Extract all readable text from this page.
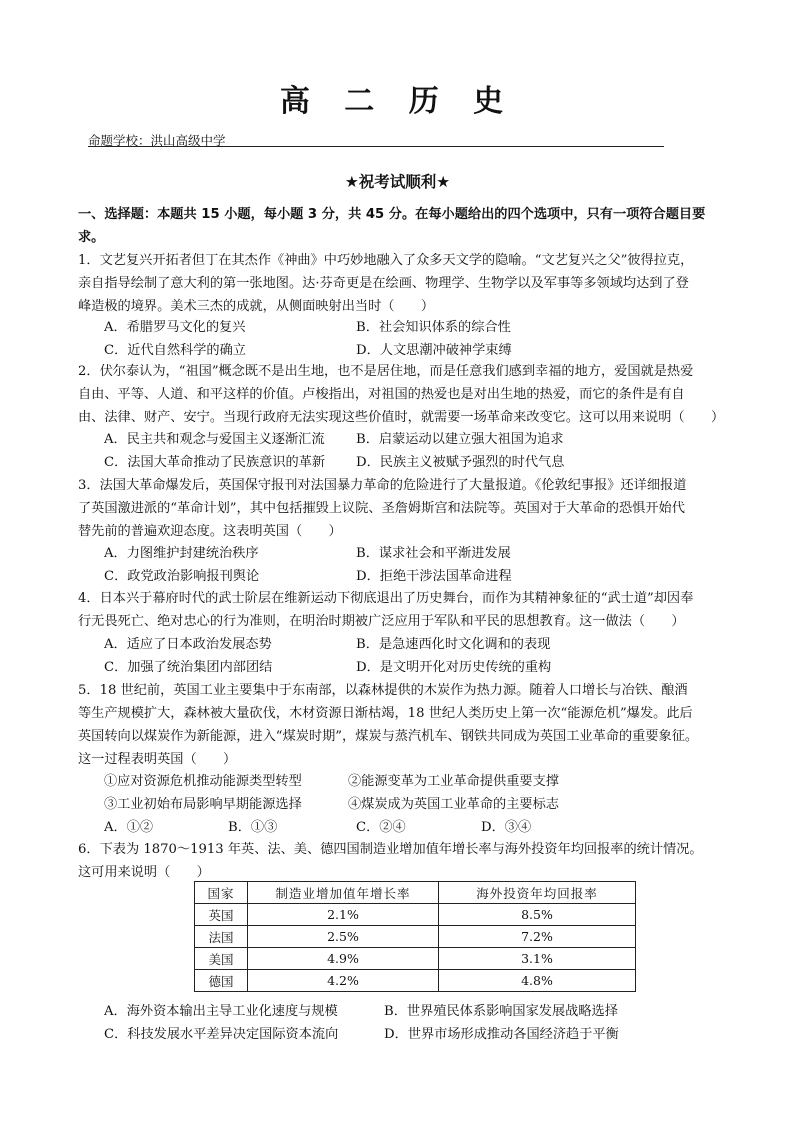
高 二 历 史
命题学校：洪山高级中学
★祝考试顺利★
一、选择题：本题共 15 小题，每小题 3 分，共 45 分。在每小题给出的四个选项中，只有一项符合题目要
求。
1．文艺复兴开拓者但丁在其杰作《神曲》中巧妙地融入了众多天文学的隐喻。“文艺复兴之父”彼得拉克，
亲自指导绘制了意大利的第一张地图。达·芬奇更是在绘画、物理学、生物学以及军事等多领域均达到了登
峰造极的境界。美术三杰的成就，从侧面映射出当时（　　）
A．希腊罗马文化的复兴	B．社会知识体系的综合性
C．近代自然科学的确立	D．人文思潮冲破神学束缚
2．伏尔泰认为，“祖国”概念既不是出生地，也不是居住地，而是任意我们感到幸福的地方，爱国就是热爱
自由、平等、人道、和平这样的价值。卢梭指出，对祖国的热爱也是对出生地的热爱，而它的条件是有自
由、法律、财产、安宁。当现行政府无法实现这些价值时，就需要一场革命来改变它。这可以用来说明（　　）
A．民主共和观念与爱国主义逐渐汇流 B．启蒙运动以建立强大祖国为追求
C．法国大革命推动了民族意识的革新 D．民族主义被赋予强烈的时代气息
3．法国大革命爆发后，英国保守报刊对法国暴力革命的危险进行了大量报道。《伦敦纪事报》还详细报道
了英国激进派的“革命计划”，其中包括摧毁上议院、圣詹姆斯宫和法院等。英国对于大革命的恐惧开始代
替先前的普遍欢迎态度。这表明英国（　　）
A．力图维护封建统治秩序	B．谋求社会和平渐进发展
C．政党政治影响报刊舆论	D．拒绝干涉法国革命进程
4．日本兴于幕府时代的武士阶层在维新运动下彻底退出了历史舞台，而作为其精神象征的“武士道”却因奉
行无畏死亡、绝对忠心的行为准则，在明治时期被广泛应用于军队和平民的思想教育。这一做法（　　）
A．适应了日本政治发展态势	B．是急速西化时文化调和的表现
C．加强了统治集团内部团结	D．是文明开化对历史传统的重构
5．18 世纪前，英国工业主要集中于东南部，以森林提供的木炭作为热力源。随着人口增长与冶铁、酿酒
等生产规模扩大，森林被大量砍伐，木材资源日渐枯竭，18 世纪人类历史上第一次“能源危机”爆发。此后
英国转向以煤炭作为新能源，进入“煤炭时期”，煤炭与蒸汽机车、钢铁共同成为英国工业革命的重要象征。
这一过程表明英国（　　）
①应对资源危机推动能源类型转型	②能源变革为工业革命提供重要支撑
③工业初始布局影响早期能源选择	④煤炭成为英国工业革命的主要标志
A．①②	B．①③	C．②④	D．③④
6．下表为 1870～1913 年英、法、美、德四国制造业增加值年增长率与海外投资年均回报率的统计情况。
这可用来说明（　　）
国家	制造业增加值年增长率	海外投资年均回报率
英国	2.1%	8.5%
法国	2.5%	7.2%
美国	4.9%	3.1%
德国	4.2%	4.8%
A．海外资本输出主导工业化速度与规模	B．世界殖民体系影响国家发展战略选择
C．科技发展水平差异决定国际资本流向	D．世界市场形成推动各国经济趋于平衡
